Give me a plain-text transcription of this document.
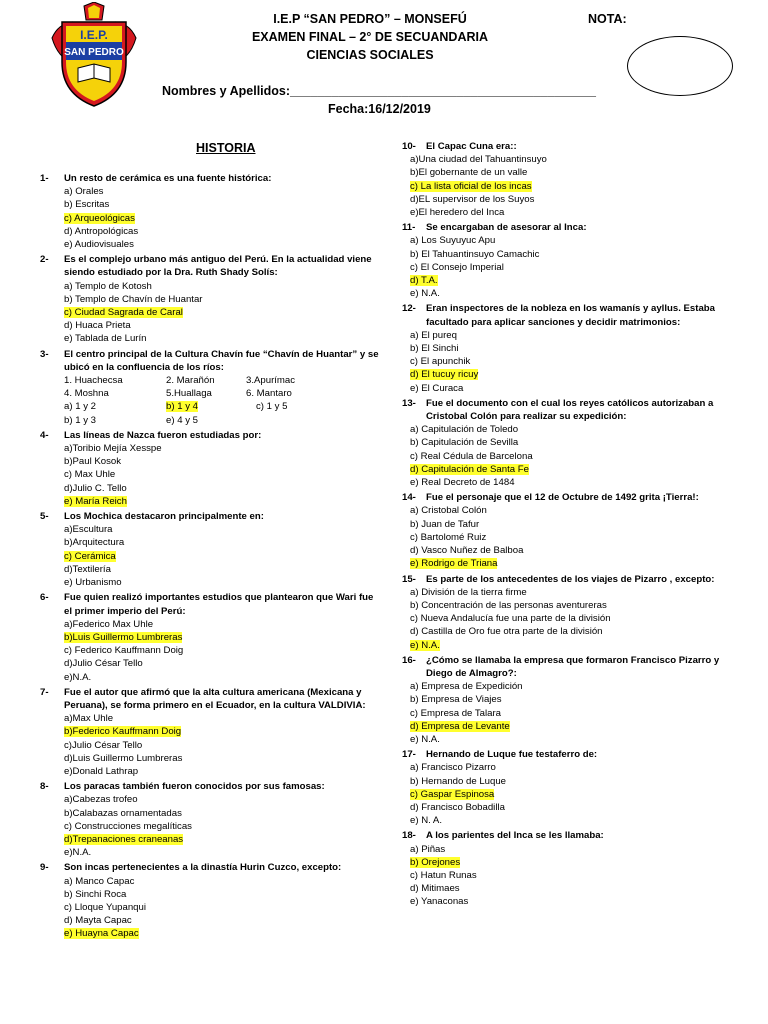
I.E.P.
SAN PEDRO
I.E.P “SAN PEDRO” – MONSEFÚ
EXAMEN FINAL – 2° DE SECUANDARIA
CIENCIAS SOCIALES
NOTA:
Nombres y Apellidos:____________________________________________
Fecha:16/12/2019
HISTORIA
1-	Un resto de cerámica es una fuente histórica:
a) Orales
b) Escritas
c) Arqueológicas
d) Antropológicas
e) Audiovisuales
2-	Es el complejo urbano más antiguo del Perú. En la actualidad viene siendo estudiado por la Dra. Ruth Shady Solís:
a) Templo de Kotosh
b) Templo de Chavín de Huantar
c) Ciudad Sagrada de Caral
d) Huaca Prieta
e) Tablada de Lurín
3-	El centro principal de la Cultura Chavín fue “Chavín de Huantar” y se ubicó en la confluencia de los ríos:
1. Huachecsa	2. Marañón	3.Apurímac
4. Moshna	5.Huallaga	6. Mantaro
a) 1 y 2	b) 1 y 4	c) 1 y 5
b) 1 y 3	e) 4 y 5
4-	Las líneas de Nazca fueron estudiadas por:
a)Toribio Mejía Xesspe
b)Paul Kosok
c) Max Uhle
d)Julio C. Tello
e) María Reich
5-	Los Mochica destacaron principalmente en:
a)Escultura
b)Arquitectura
c) Cerámica
d)Textilería
e) Urbanismo
6-	Fue quien realizó importantes estudios que plantearon que Wari fue el primer imperio del Perú:
a)Federico Max Uhle
b)Luis Guillermo Lumbreras
c) Federico Kauffmann Doig
d)Julio César Tello
e)N.A.
7-	Fue el autor que afirmó que la alta cultura americana (Mexicana y Peruana), se forma primero en el Ecuador, en la cultura VALDIVIA:
a)Max Uhle
b)Federico Kauffmann Doig
c)Julio César Tello
d)Luis Guillermo Lumbreras
e)Donald Lathrap
8-	Los paracas también fueron conocidos por sus famosas:
a)Cabezas trofeo
b)Calabazas ornamentadas
c) Construcciones megalíticas
d)Trepanaciones craneanas
e)N.A.
9-	Son incas pertenecientes a la dinastía Hurin Cuzco, excepto:
a) Manco Capac
b) Sinchi Roca
c) Lloque Yupanqui
d) Mayta Capac
e) Huayna Capac
10-	El Capac Cuna era::
a)Una ciudad del Tahuantinsuyo
b)El gobernante de un valle
c) La lista oficial de los incas
d)EL supervisor de los Suyos
e)El heredero del Inca
11-	Se encargaban de asesorar al Inca:
a) Los Suyuyuc Apu
b) El Tahuantinsuyo Camachic
c) El Consejo Imperial
d) T.A.
e) N.A.
12-	Eran inspectores de la nobleza en los wamanís y ayllus. Estaba facultado para aplicar sanciones y decidir matrimonios:
a) El pureq
b) El Sinchi
c) El apunchik
d) El tucuy ricuy
e) El Curaca
13-	Fue el documento con el cual los reyes católicos autorizaban a Cristobal Colón para realizar su expedición:
a) Capitulación de Toledo
b) Capitulación de Sevilla
c) Real Cédula de Barcelona
d) Capitulación de Santa Fe
e) Real Decreto de 1484
14-	Fue el personaje que el 12 de Octubre de 1492 grita ¡Tierra!:
a) Cristobal Colón
b) Juan de Tafur
c) Bartolomé Ruiz
d) Vasco Nuñez de Balboa
e) Rodrigo de Triana
15-	Es parte de los antecedentes de los viajes de Pizarro , excepto:
a) División de la tierra firme
b) Concentración de las personas aventureras
c) Nueva Andalucía fue una parte de la división
d) Castilla de Oro fue otra parte de la división
e) N.A.
16-	¿Cómo se llamaba la empresa que formaron Francisco Pizarro y Diego de Almagro?:
a) Empresa de Expedición
b) Empresa de Viajes
c) Empresa de Talara
d) Empresa de Levante
e) N.A.
17-	Hernando de Luque fue testaferro de:
a) Francisco Pizarro
b) Hernando de Luque
c) Gaspar Espinosa
d) Francisco Bobadilla
e) N. A.
18-	A los parientes del Inca se les llamaba:
a) Piñas
b) Orejones
c) Hatun Runas
d) Mitimaes
e) Yanaconas
